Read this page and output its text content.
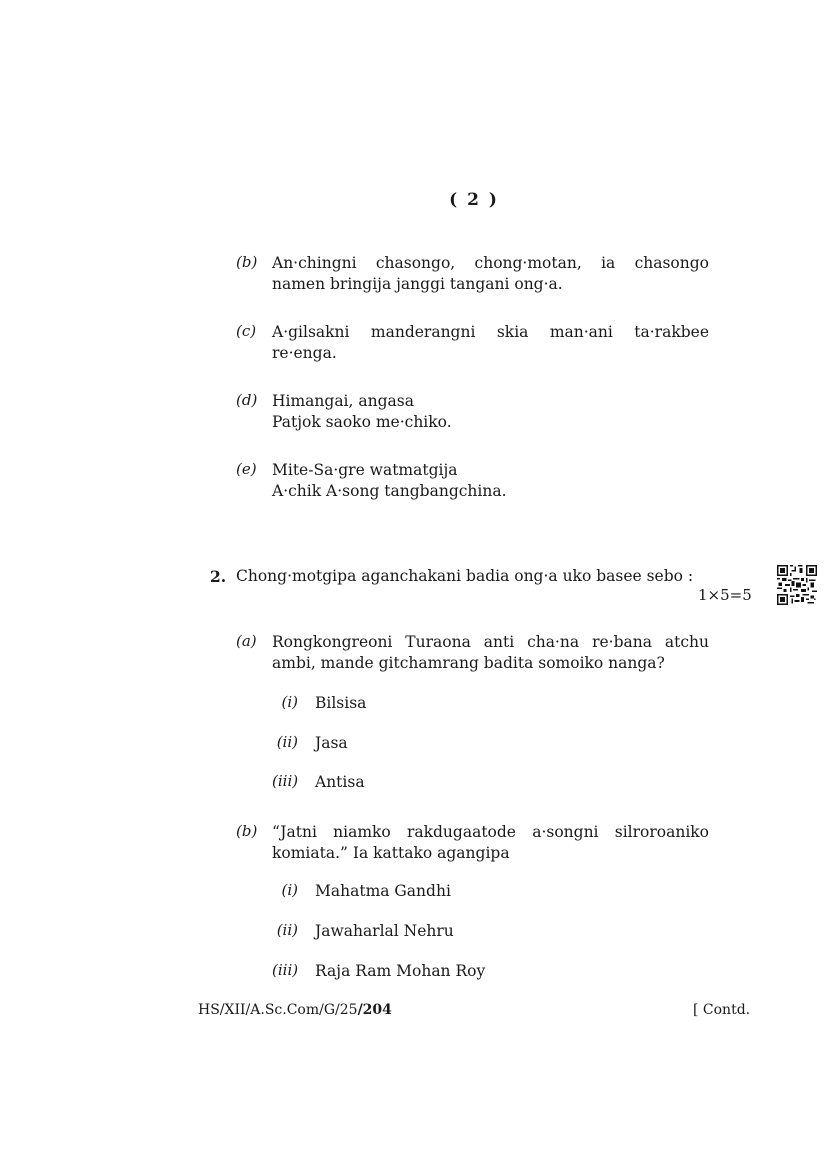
( 2 )
(b) An·chingni chasongo, chong·motan, ia chasongo
namen bringija janggi tangani ong·a.
(c) A·gilsakni manderangni skia man·ani ta·rakbee
re·enga.
(d) Himangai, angasa
Patjok saoko me·chiko.
(e) Mite-Sa·gre watmatgija
A·chik A·song tangbangchina.
2. Chong·motgipa aganchakani badia ong·a uko basee sebo :
1×5=5
(a) Rongkongreoni Turaona anti cha·na re·bana atchu
ambi, mande gitchamrang badita somoiko nanga?
(i) Bilsisa
(ii) Jasa
(iii) Antisa
(b) “Jatni niamko rakdugaatode a·songni silroroaniko
komiata.” Ia kattako agangipa
(i) Mahatma Gandhi
(ii) Jawaharlal Nehru
(iii) Raja Ram Mohan Roy
HS/XII/A.Sc.Com/G/25/204	[ Contd.
